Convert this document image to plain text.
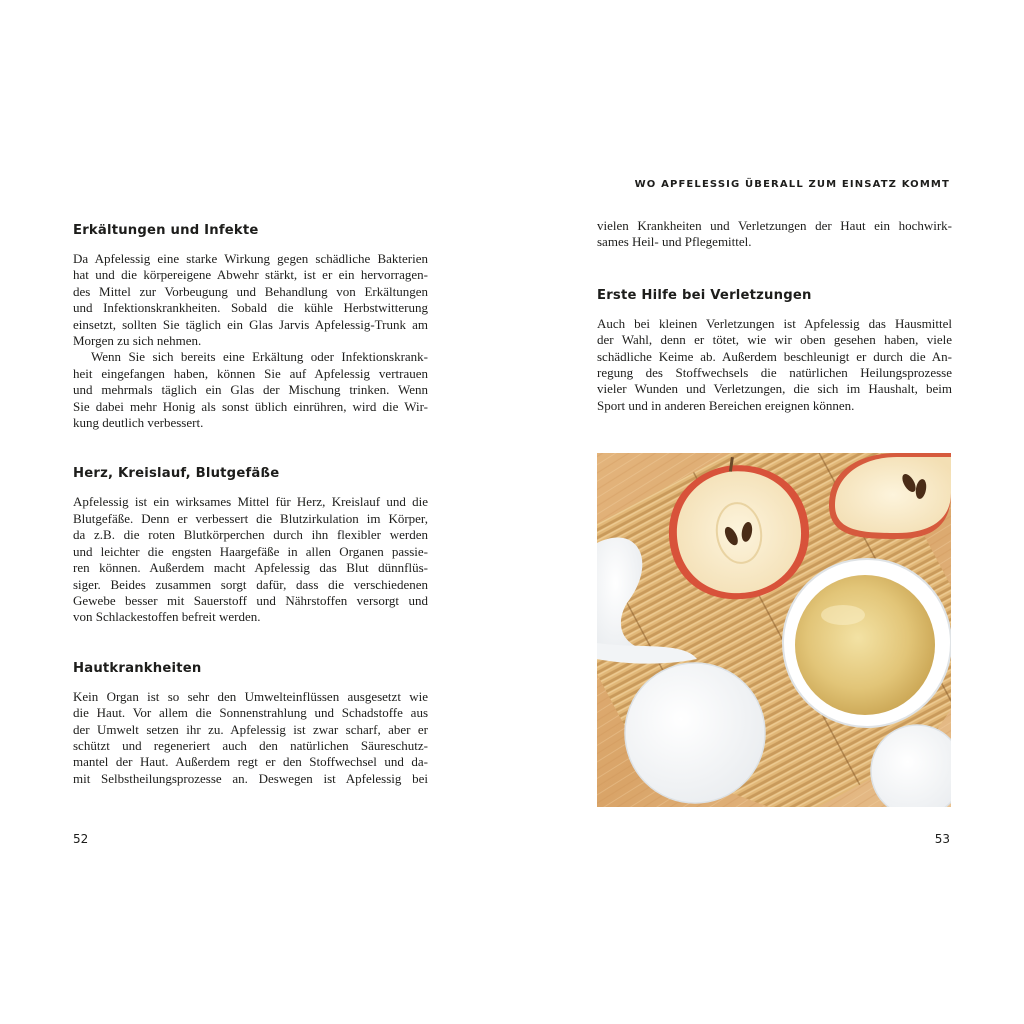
Erkältungen und Infekte

Da Apfelessig eine starke Wirkung gegen schädliche Bakterien
hat und die körpereigene Abwehr stärkt, ist er ein hervorragen-
des Mittel zur Vorbeugung und Behandlung von Erkältungen
und Infektionskrankheiten. Sobald die kühle Herbstwitterung
einsetzt, sollten Sie täglich ein Glas Jarvis Apfelessig-Trunk am
Morgen zu sich nehmen.

Wenn Sie sich bereits eine Erkältung oder Infektionskrank-
heit eingefangen haben, können Sie auf Apfelessig vertrauen
und mehrmals täglich ein Glas der Mischung trinken. Wenn
Sie dabei mehr Honig als sonst üblich einrühren, wird die Wir-
kung deutlich verbessert.

Herz, Kreislauf, Blutgefäße

Apfelessig ist ein wirksames Mittel für Herz, Kreislauf und die
Blutgefäße. Denn er verbessert die Blutzirkulation im Körper,
da z.B. die roten Blutkörperchen durch ihn flexibler werden
und leichter die engsten Haargefäße in allen Organen passie-
ren können. Außerdem macht Apfelessig das Blut dünnflüs-
siger. Beides zusammen sorgt dafür, dass die verschiedenen
Gewebe besser mit Sauerstoff und Nährstoffen versorgt und
von Schlackestoffen befreit werden.

Hautkrankheiten

Kein Organ ist so sehr den Umwelteinflüssen ausgesetzt wie
die Haut. Vor allem die Sonnenstrahlung und Schadstoffe aus
der Umwelt setzen ihr zu. Apfelessig ist zwar scharf, aber er
schützt und regeneriert auch den natürlichen Säureschutz-
mantel der Haut. Außerdem regt er den Stoffwechsel und da-
mit Selbstheilungsprozesse an. Deswegen ist Apfelessig bei

52
WO APFELESSIG ÜBERALL ZUM EINSATZ KOMMT

vielen Krankheiten und Verletzungen der Haut ein hochwirk-
sames Heil- und Pflegemittel.

Erste Hilfe bei Verletzungen

Auch bei kleinen Verletzungen ist Apfelessig das Hausmittel
der Wahl, denn er tötet, wie wir oben gesehen haben, viele
schädliche Keime ab. Außerdem beschleunigt er durch die An-
regung des Stoffwechsels die natürlichen Heilungsprozesse
vieler Wunden und Verletzungen, die sich im Haushalt, beim
Sport und in anderen Bereichen ereignen können.

53
